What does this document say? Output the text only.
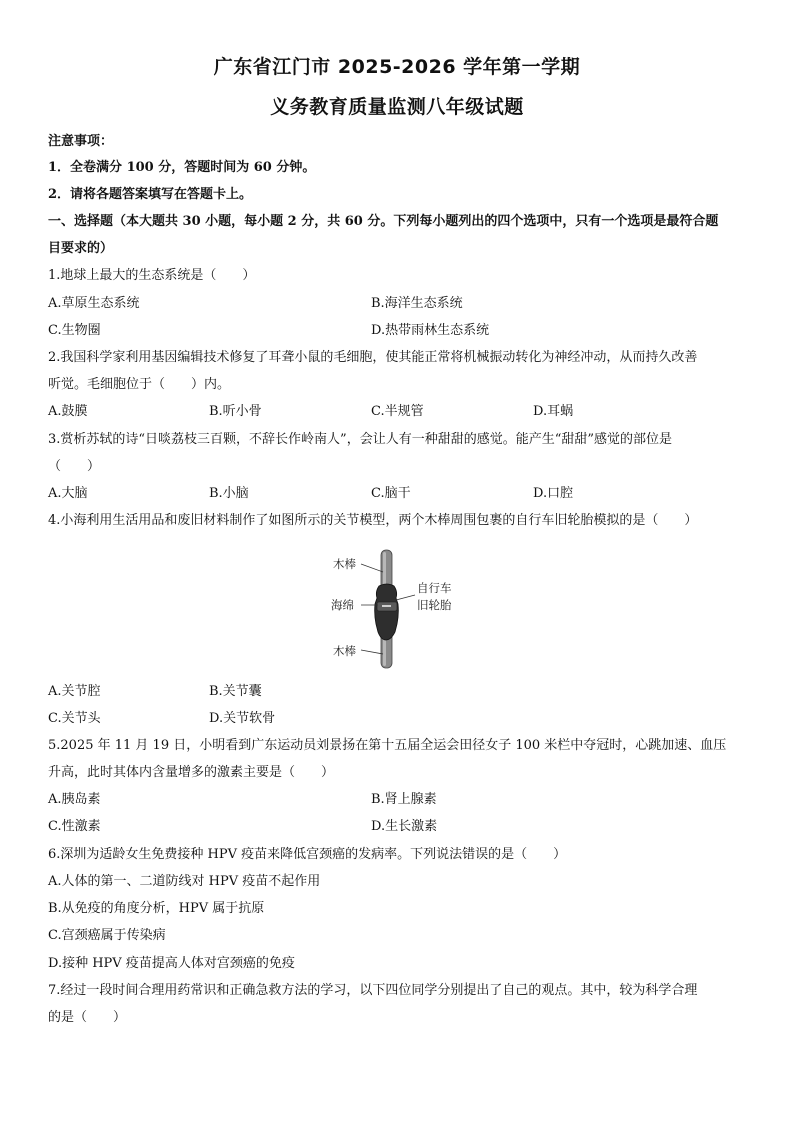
广东省江门市 2025-2026 学年第一学期
义务教育质量监测八年级试题
注意事项：
1．全卷满分 100 分，答题时间为 60 分钟。
2．请将各题答案填写在答题卡上。
一、选择题（本大题共 30 小题，每小题 2 分，共 60 分。下列每小题列出的四个选项中，只有一个选项是最符合题
目要求的）
1.地球上最大的生态系统是（　　）
A.草原生态系统	B.海洋生态系统
C.生物圈	D.热带雨林生态系统
2.我国科学家利用基因编辑技术修复了耳聋小鼠的毛细胞，使其能正常将机械振动转化为神经冲动，从而持久改善
听觉。毛细胞位于（　　）内。
A.鼓膜	B.听小骨	C.半规管	D.耳蜗
3.赏析苏轼的诗“日啖荔枝三百颗，不辞长作岭南人”，会让人有一种甜甜的感觉。能产生“甜甜”感觉的部位是
（　　）
A.大脑	B.小脑	C.脑干	D.口腔
4.小海利用生活用品和废旧材料制作了如图所示的关节模型，两个木棒周围包裹的自行车旧轮胎模拟的是（　　）
木棒
海绵
自行车
旧轮胎
木棒
A.关节腔	B.关节囊
C.关节头	D.关节软骨
5.2025 年 11 月 19 日，小明看到广东运动员刘景扬在第十五届全运会田径女子 100 米栏中夺冠时，心跳加速、血压
升高，此时其体内含量增多的激素主要是（　　）
A.胰岛素	B.肾上腺素
C.性激素	D.生长激素
6.深圳为适龄女生免费接种 HPV 疫苗来降低宫颈癌的发病率。下列说法错误的是（　　）
A.人体的第一、二道防线对 HPV 疫苗不起作用
B.从免疫的角度分析，HPV 属于抗原
C.宫颈癌属于传染病
D.接种 HPV 疫苗提高人体对宫颈癌的免疫
7.经过一段时间合理用药常识和正确急救方法的学习，以下四位同学分别提出了自己的观点。其中，较为科学合理
的是（　　）
